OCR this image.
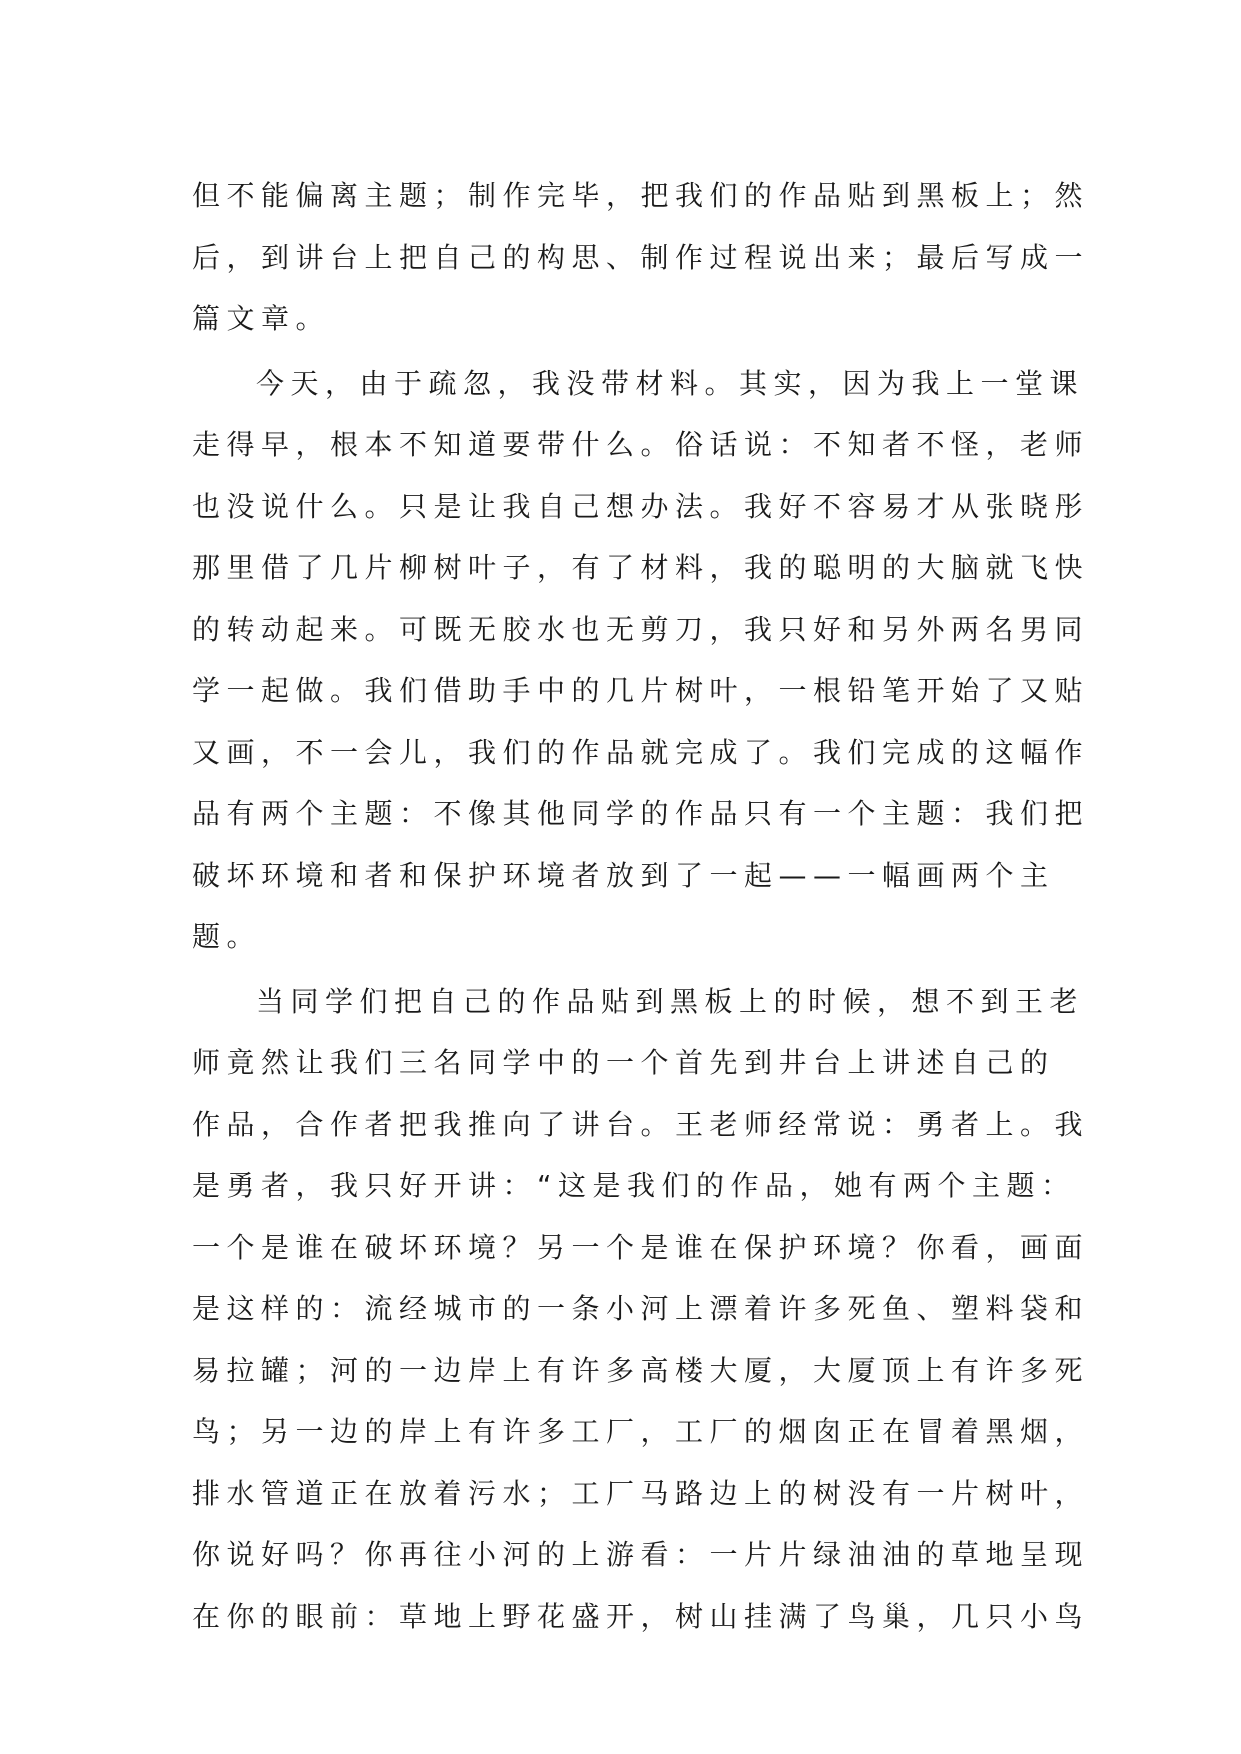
但不能偏离主题；制作完毕，把我们的作品贴到黑板上；然
后，到讲台上把自己的构思、制作过程说出来；最后写成一
篇文章。
今天，由于疏忽，我没带材料。其实，因为我上一堂课
走得早，根本不知道要带什么。俗话说：不知者不怪，老师
也没说什么。只是让我自己想办法。我好不容易才从张晓彤
那里借了几片柳树叶子，有了材料，我的聪明的大脑就飞快
的转动起来。可既无胶水也无剪刀，我只好和另外两名男同
学一起做。我们借助手中的几片树叶，一根铅笔开始了又贴
又画，不一会儿，我们的作品就完成了。我们完成的这幅作
品有两个主题：不像其他同学的作品只有一个主题：我们把
破坏环境和者和保护环境者放到了一起——一幅画两个主
题。
当同学们把自己的作品贴到黑板上的时候，想不到王老
师竟然让我们三名同学中的一个首先到井台上讲述自己的
作品，合作者把我推向了讲台。王老师经常说：勇者上。我
是勇者，我只好开讲：“这是我们的作品，她有两个主题：
一个是谁在破坏环境？另一个是谁在保护环境？你看，画面
是这样的：流经城市的一条小河上漂着许多死鱼、塑料袋和
易拉罐；河的一边岸上有许多高楼大厦，大厦顶上有许多死
鸟；另一边的岸上有许多工厂，工厂的烟囱正在冒着黑烟，
排水管道正在放着污水；工厂马路边上的树没有一片树叶，
你说好吗？你再往小河的上游看：一片片绿油油的草地呈现
在你的眼前：草地上野花盛开，树山挂满了鸟巢，几只小鸟
